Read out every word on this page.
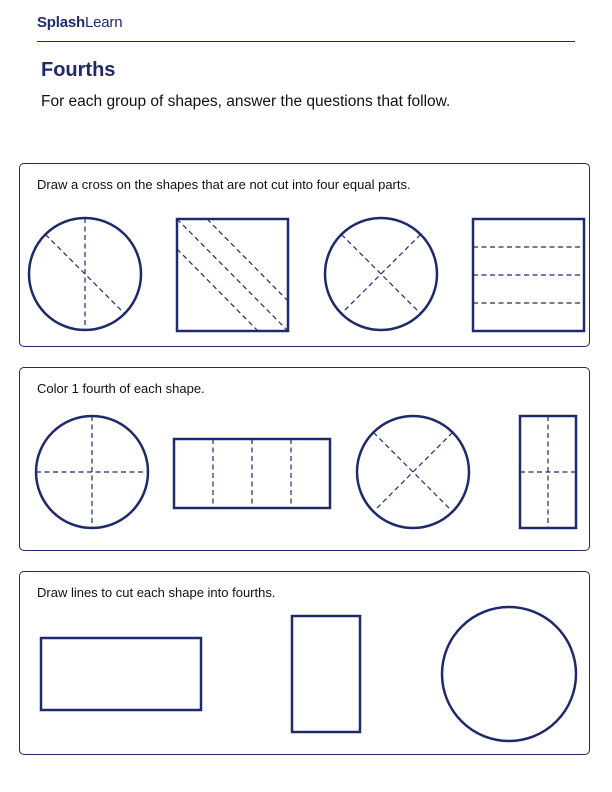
SplashLearn
Fourths
For each group of shapes, answer the questions that follow.
Draw a cross on the shapes that are not cut into four equal parts.
Color 1 fourth of each shape.
Draw lines to cut each shape into fourths.
